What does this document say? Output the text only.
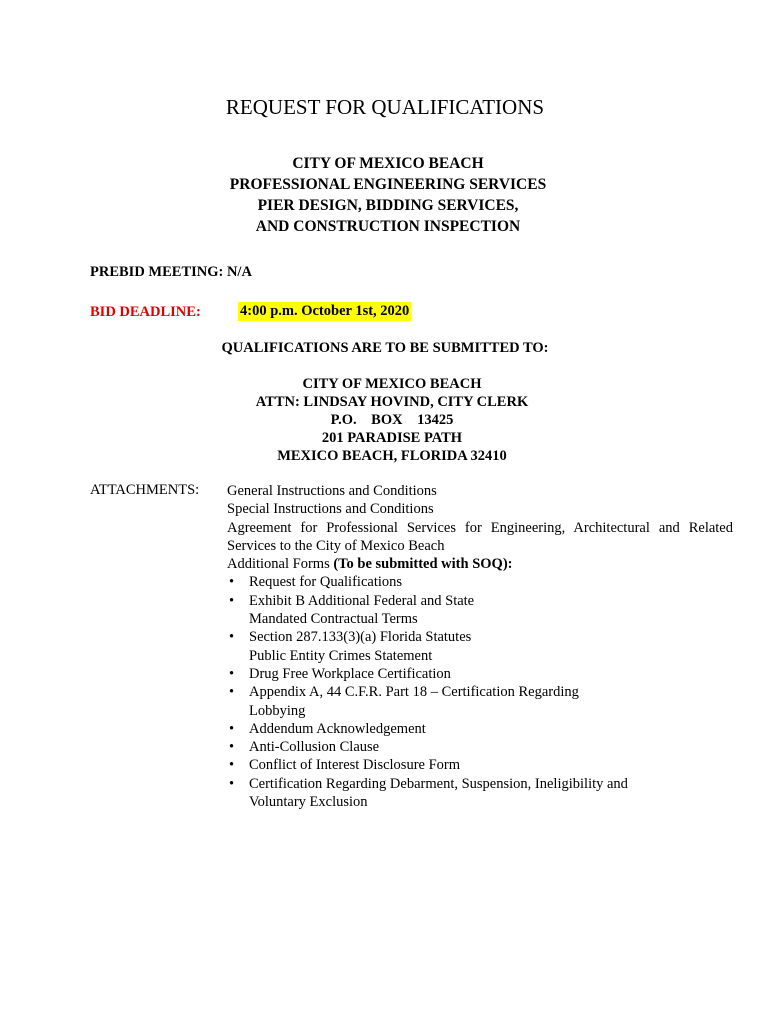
REQUEST FOR QUALIFICATIONS
CITY OF MEXICO BEACH
PROFESSIONAL ENGINEERING SERVICES
PIER DESIGN, BIDDING SERVICES,
AND CONSTRUCTION INSPECTION
PREBID MEETING: N/A
BID DEADLINE:	4:00 p.m. October 1st, 2020
QUALIFICATIONS ARE TO BE SUBMITTED TO:
CITY OF MEXICO BEACH
ATTN: LINDSAY HOVIND, CITY CLERK
P.O.    BOX    13425
201 PARADISE PATH
MEXICO BEACH, FLORIDA 32410
ATTACHMENTS: General Instructions and Conditions
Special Instructions and Conditions
Agreement for Professional Services for Engineering, Architectural and Related
Services to the City of Mexico Beach
Additional Forms (To be submitted with SOQ):
• Request for Qualifications
• Exhibit B Additional Federal and State
Mandated Contractual Terms
• Section 287.133(3)(a) Florida Statutes
Public Entity Crimes Statement
• Drug Free Workplace Certification
• Appendix A, 44 C.F.R. Part 18 – Certification Regarding
Lobbying
• Addendum Acknowledgement
• Anti-Collusion Clause
• Conflict of Interest Disclosure Form
• Certification Regarding Debarment, Suspension, Ineligibility and
Voluntary Exclusion
